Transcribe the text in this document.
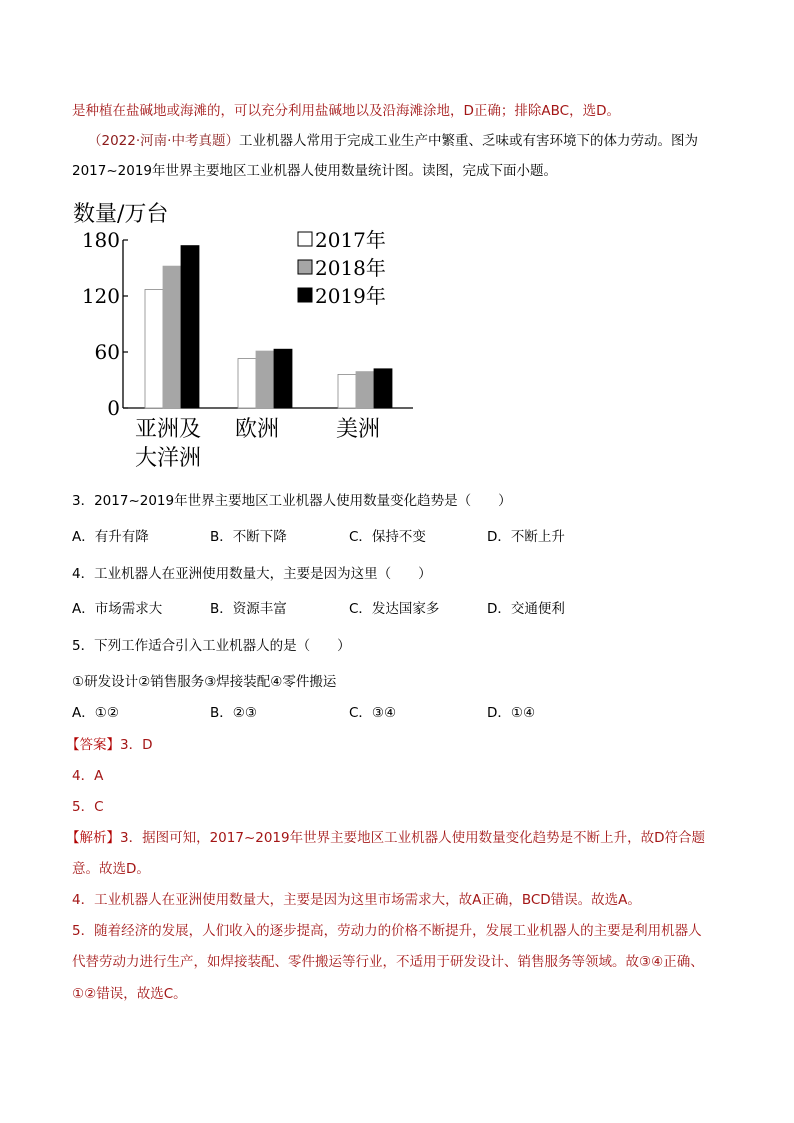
是种植在盐碱地或海滩的，可以充分利用盐碱地以及沿海滩涂地，D正确；排除ABC，选D。
（2022·河南·中考真题）工业机器人常用于完成工业生产中繁重、乏味或有害环境下的体力劳动。图为
2017~2019年世界主要地区工业机器人使用数量统计图。读图，完成下面小题。
数量/万台
0
60
120
180
亚洲及
大洋洲
欧洲	美洲
2017年
2018年
2019年
3．2017~2019年世界主要地区工业机器人使用数量变化趋势是（　　）
A．有升有降	B．不断下降	C．保持不变	D．不断上升
4．工业机器人在亚洲使用数量大，主要是因为这里（　　）
A．市场需求大	B．资源丰富	C．发达国家多	D．交通便利
5．下列工作适合引入工业机器人的是（　　）
①研发设计②销售服务③焊接装配④零件搬运
A．①②	B．②③	C．③④	D．①④
【答案】3．D
4．A
5．C
【解析】3．据图可知，2017~2019年世界主要地区工业机器人使用数量变化趋势是不断上升，故D符合题
意。故选D。
4．工业机器人在亚洲使用数量大，主要是因为这里市场需求大，故A正确，BCD错误。故选A。
5．随着经济的发展，人们收入的逐步提高，劳动力的价格不断提升，发展工业机器人的主要是利用机器人
代替劳动力进行生产，如焊接装配、零件搬运等行业，不适用于研发设计、销售服务等领域。故③④正确、
①②错误，故选C。
